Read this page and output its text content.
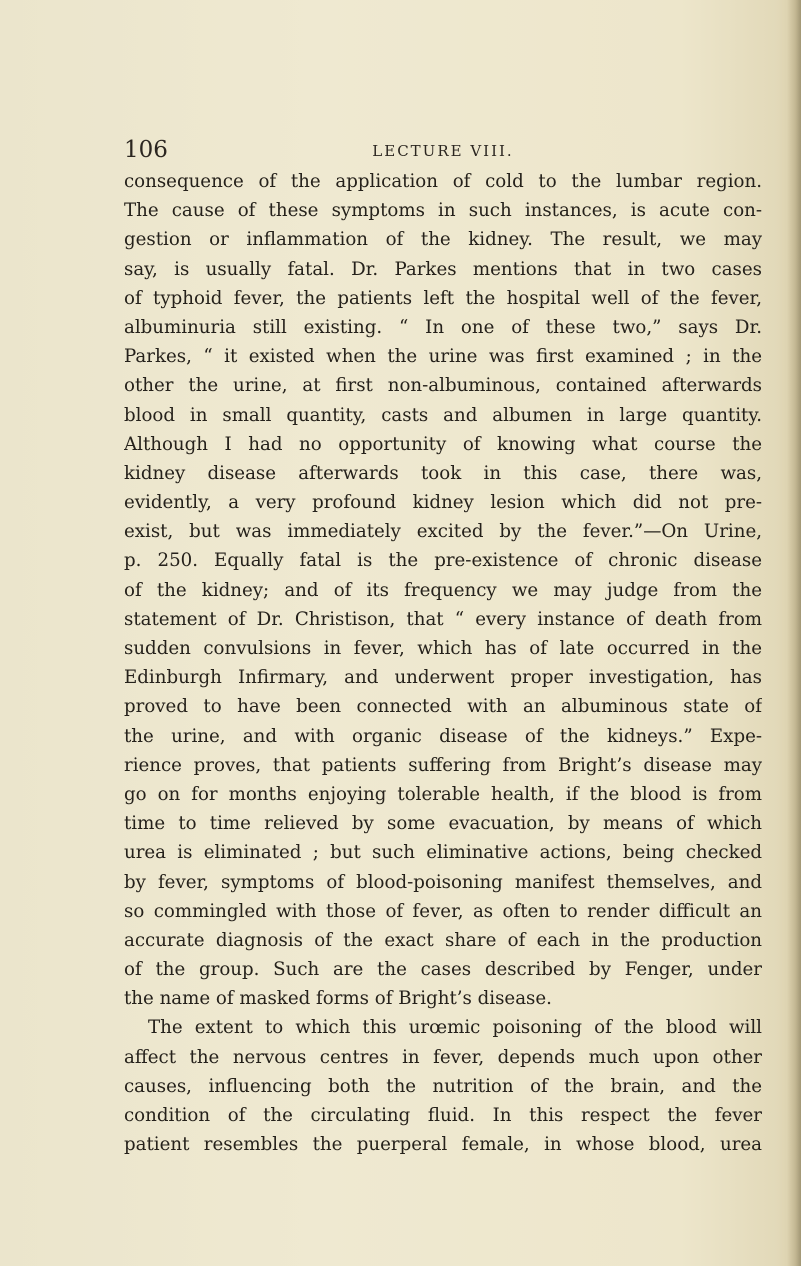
106	LECTURE VIII.
consequence of the application of cold to the lumbar region.
The cause of these symptoms in such instances, is acute con-
gestion or inflammation of the kidney. The result, we may
say, is usually fatal. Dr. Parkes mentions that in two cases
of typhoid fever, the patients left the hospital well of the fever,
albuminuria still existing. “ In one of these two,” says Dr.
Parkes, “ it existed when the urine was first examined ; in the
other the urine, at first non-albuminous, contained afterwards
blood in small quantity, casts and albumen in large quantity.
Although I had no opportunity of knowing what course the
kidney disease afterwards took in this case, there was,
evidently, a very profound kidney lesion which did not pre-
exist, but was immediately excited by the fever.”—On Urine,
p. 250. Equally fatal is the pre-existence of chronic disease
of the kidney; and of its frequency we may judge from the
statement of Dr. Christison, that “ every instance of death from
sudden convulsions in fever, which has of late occurred in the
Edinburgh Infirmary, and underwent proper investigation, has
proved to have been connected with an albuminous state of
the urine, and with organic disease of the kidneys.” Expe-
rience proves, that patients suffering from Bright’s disease may
go on for months enjoying tolerable health, if the blood is from
time to time relieved by some evacuation, by means of which
urea is eliminated ; but such eliminative actions, being checked
by fever, symptoms of blood-poisoning manifest themselves, and
so commingled with those of fever, as often to render difficult an
accurate diagnosis of the exact share of each in the production
of the group. Such are the cases described by Fenger, under
the name of masked forms of Bright’s disease.
The extent to which this urœmic poisoning of the blood will
affect the nervous centres in fever, depends much upon other
causes, influencing both the nutrition of the brain, and the
condition of the circulating fluid. In this respect the fever
patient resembles the puerperal female, in whose blood, urea
